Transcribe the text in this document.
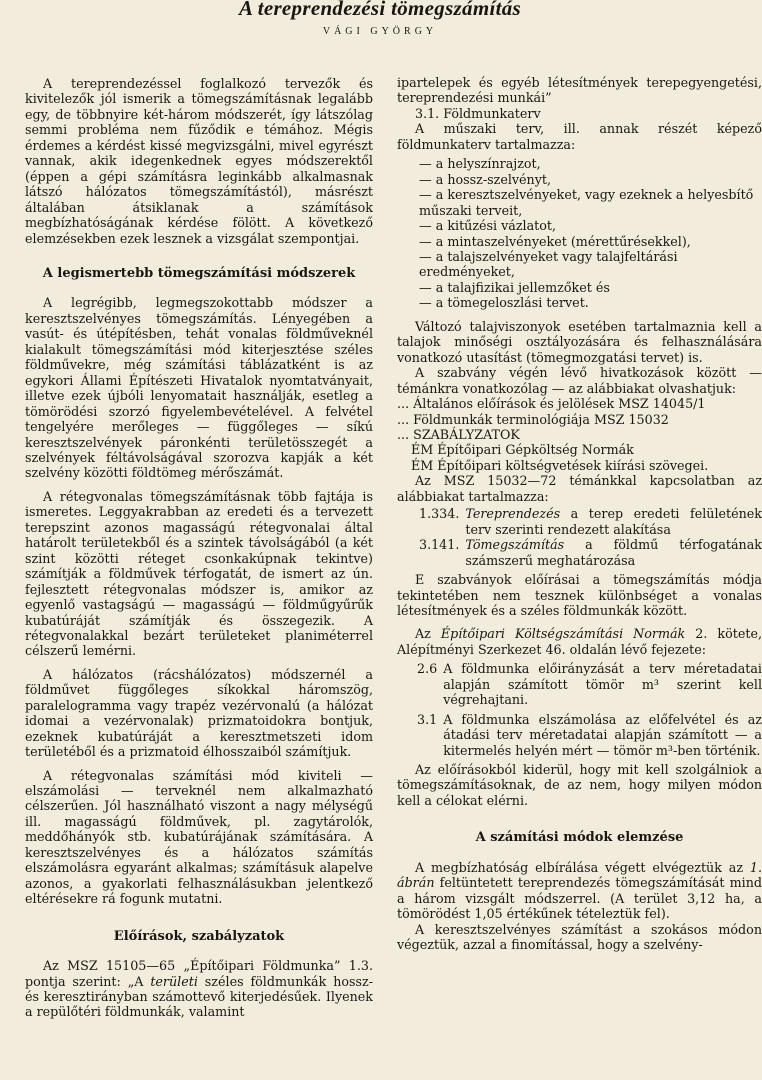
A tereprendezési tömegszámítás
VÁGI GYÖRGY

A tereprendezéssel foglalkozó tervezők és kivitelezők jól ismerik a tömegszámításnak legalább egy, de többnyire két-három módszerét, így látszólag semmi probléma nem fűződik e témához. Mégis érdemes a kérdést kissé megvizsgálni, mivel egyrészt vannak, akik idegenkednek egyes módszerektől (éppen a gépi számításra leginkább alkalmasnak látszó hálózatos tömegszámítástól), másrészt általában átsiklanak a számítások megbízhatóságának kérdése fölött. A következő elemzésekben ezek lesznek a vizsgálat szempontjai.

A legismertebb tömegszámítási módszerek

A legrégibb, legmegszokottabb módszer a keresztszelvényes tömegszámítás. Lényegében a vasút- és útépítésben, tehát vonalas földműveknél kialakult tömegszámítási mód kiterjesztése széles földművekre, még számítási táblázatként is az egykori Állami Építészeti Hivatalok nyomtatványait, illetve ezek újbóli lenyomatait használják, esetleg a tömörödési szorzó figyelembevételével. A felvétel tengelyére merőleges — függőleges — síkú keresztszelvények páronkénti területösszegét a szelvények féltávolságával szorozva kapják a két szelvény közötti földtömeg mérőszámát.

A rétegvonalas tömegszámításnak több fajtája is ismeretes. Leggyakrabban az eredeti és a tervezett terepszint azonos magasságú rétegvonalai által határolt területekből és a szintek távolságából (a két szint közötti réteget csonkakúpnak tekintve) számítják a földművek térfogatát, de ismert az ún. fejlesztett rétegvonalas módszer is, amikor az egyenlő vastagságú — magasságú — földműgyűrűk kubatúráját számítják és összegezik. A rétegvonalakkal bezárt területeket planiméterrel célszerű lemérni.

A hálózatos (rácshálózatos) módszernél a földművet függőleges síkokkal háromszög, paralelogramma vagy trapéz vezérvonalú (a hálózat idomai a vezérvonalak) prizmatoidokra bontjuk, ezeknek kubatúráját a keresztmetszeti idom területéből és a prizmatoid élhosszaiból számítjuk.

A rétegvonalas számítási mód kiviteli — elszámolási — terveknél nem alkalmazható célszerűen. Jól használható viszont a nagy mélységű ill. magasságú földművek, pl. zagytárolók, meddőhányók stb. kubatúrájának számítására. A keresztszelvényes és a hálózatos számítás elszámolásra egyaránt alkalmas; számításuk alapelve azonos, a gyakorlati felhasználásukban jelentkező eltérésekre rá fogunk mutatni.

Előírások, szabályzatok

Az MSZ 15105—65 „Építőipari Földmunka” 1.3. pontja szerint: „A területi széles földmunkák hossz- és keresztirányban számottevő kiterjedésűek. Ilyenek a repülőtéri földmunkák, valamint

ipartelepek és egyéb létesítmények terepegyengetési, tereprendezési munkái”

3.1. Földmunkaterv

A műszaki terv, ill. annak részét képező földmunkaterv tartalmazza:

— a helyszínrajzot,
— a hossz-szelvényt,
— a keresztszelvényeket, vagy ezeknek a helyesbítő műszaki terveit,
— a kitűzési vázlatot,
— a mintaszelvényeket (mérettűrésekkel),
— a talajszelvényeket vagy talajfeltárási eredményeket,
— a talajfizikai jellemzőket és
— a tömegeloszlási tervet.

Változó talajviszonyok esetében tartalmaznia kell a talajok minőségi osztályozására és felhasználására vonatkozó utasítást (tömegmozgatási tervet) is.

A szabvány végén lévő hivatkozások között — témánkra vonatkozólag — az alábbiakat olvashatjuk:

... Általános előírások és jelölések MSZ 14045/1
... Földmunkák terminológiája MSZ 15032
... SZABÁLYZATOK
ÉM Építőipari Gépköltség Normák
ÉM Építőipari költségvetések kiírási szövegei.

Az MSZ 15032—72 témánkkal kapcsolatban az alábbiakat tartalmazza:

1.334. Tereprendezés a terep eredeti felületének terv szerinti rendezett alakítása
3.141. Tömegszámítás a földmű térfogatának számszerű meghatározása

E szabványok előírásai a tömegszámítás módja tekintetében nem tesznek különbséget a vonalas létesítmények és a széles földmunkák között.

Az Építőipari Költségszámítási Normák 2. kötete, Alépítményi Szerkezet 46. oldalán lévő fejezete:

2.6 A földmunka előirányzását a terv méretadatai alapján számított tömör m³ szerint kell végrehajtani.
3.1 A földmunka elszámolása az előfelvétel és az átadási terv méretadatai alapján számított — a kitermelés helyén mért — tömör m³-ben történik.

Az előírásokból kiderül, hogy mit kell szolgálniok a tömegszámításoknak, de az nem, hogy milyen módon kell a célokat elérni.

A számítási módok elemzése

A megbízhatóság elbírálása végett elvégeztük az 1. ábrán feltüntetett tereprendezés tömegszámítását mind a három vizsgált módszerrel. (A terület 3,12 ha, a tömörödést 1,05 értékűnek tételeztük fel).

A keresztszelvényes számítást a szokásos módon végeztük, azzal a finomítással, hogy a szelvény-
